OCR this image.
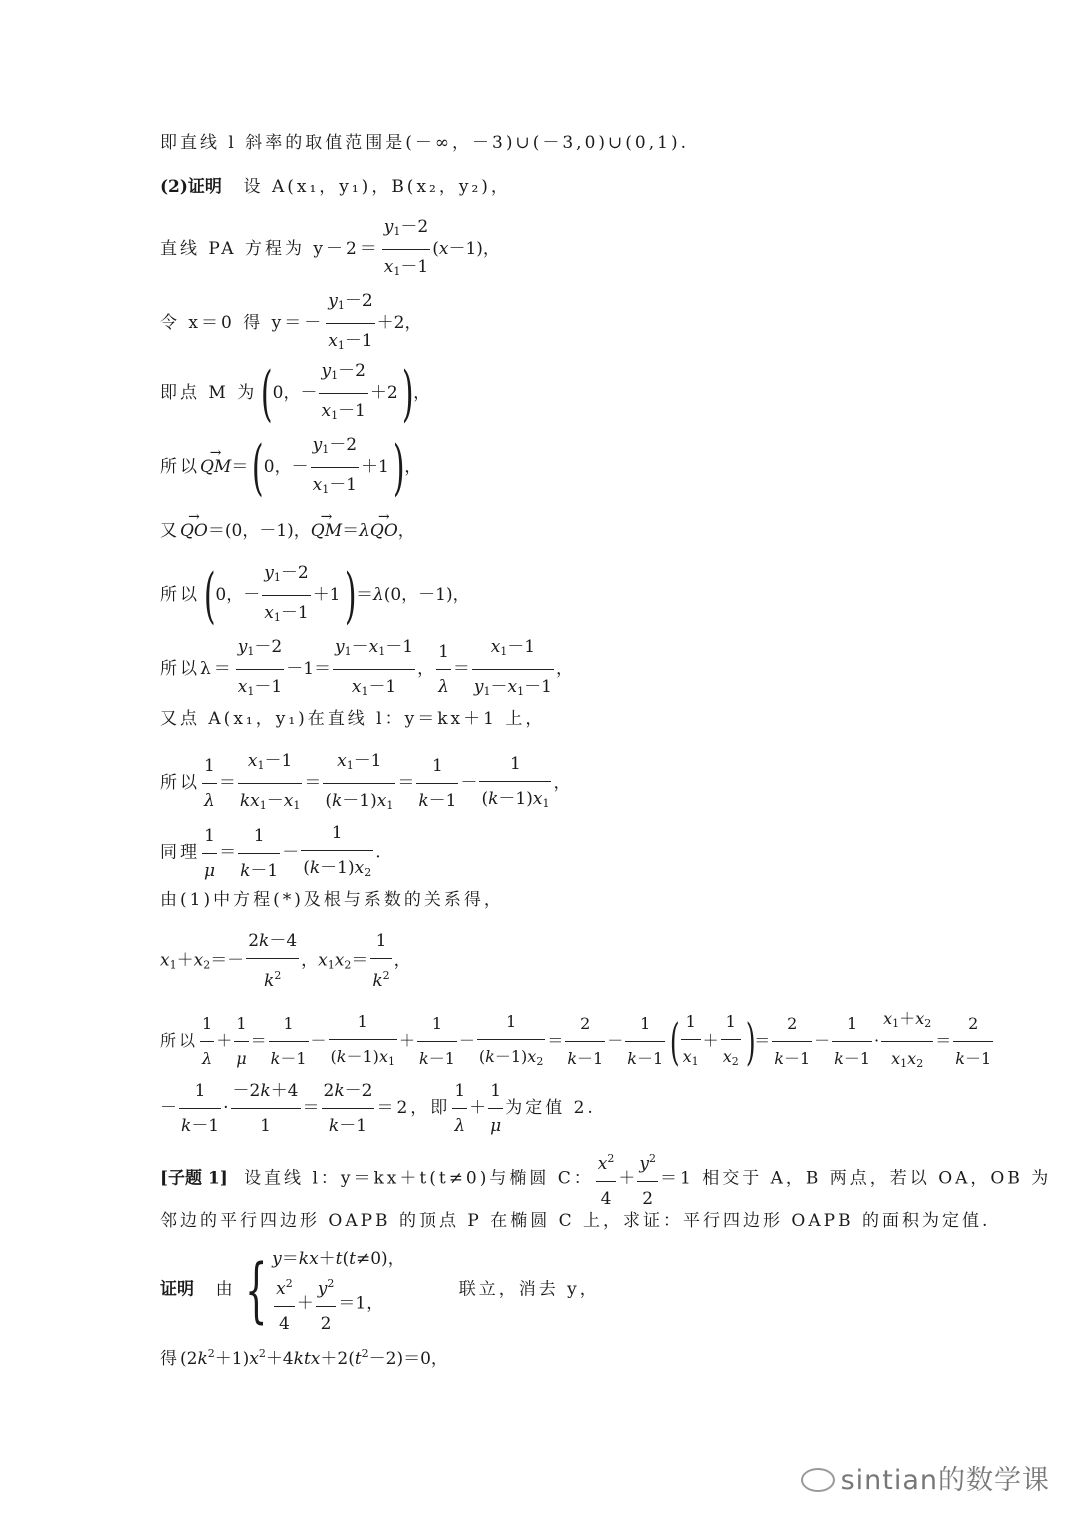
即直线 l 斜率的取值范围是(－∞，－3)∪(－3,0)∪(0,1).
(2)证明 设 A(x₁，y₁)，B(x₂，y₂)，
直线 PA 方程为 $y-2= \frac{y_1-2}{x_1-1} (x-1)$，
令 x＝0 得 $y=- \frac{y_1-2}{x_1-1} +2$，
即点 M 为(0，－ $\frac{y_1-2}{x_1-1} +2$)，
所以→ QM＝(0，－ $\frac{y_1-2}{x_1-1} +1$)，
又→ QO＝(0，－1)，→ QM＝λ→ QO，
所以(0，－ $\frac{y_1-2}{x_1-1} +1)=\lambda(0$，－1)，
所以$\lambda= \frac{y_1-2}{x_1-1} -1= \frac{y_1-x_1-1}{x_1-1}$ ， $\frac{1}{\lambda} = \frac{x_1-1}{y_1-x_1-1}$ ，
又点 A(x₁，y₁)在直线 l：y＝kx＋1 上，
所以 $\frac{1}{\lambda} = \frac{x_1-1}{kx_1-x_1} = \frac{x_1-1}{(k-1)x_1} = \frac{1}{k-1} - \frac{1}{(k-1)x_1}$ ，
同理 $\frac{1}{\mu} = \frac{1}{k-1} - \frac{1}{(k-1)x_2}$ .
由(1)中方程(*)及根与系数的关系得，
$x_1+x_2=- \frac{2k-4}{k^2}$ ，$x_1x_2= \frac{1}{k^2}$ ，
所以 $\frac{1}{\lambda} + \frac{1}{\mu} = \frac{1}{k-1} - \frac{1}{(k-1)x_1} + \frac{1}{k-1} - \frac{1}{(k-1)x_2} = \frac{2}{k-1} - \frac{1}{k-1}$ ( $\frac{1}{x_1} + \frac{1}{x_2}$ )＝ $\frac{2}{k-1} - \frac{1}{k-1} \cdot \frac{x_1+x_2}{x_1x_2} = \frac{2}{k-1}$
－ $\frac{1}{k-1} \cdot \frac{-2k+4}{1} = \frac{2k-2}{k-1} =2$，即 $\frac{1}{\lambda} + \frac{1}{\mu}$ 为定值 2.
[子题 1] 设直线 l：y＝kx＋t(t≠0)与椭圆 C： $\frac{x^2}{4} + \frac{y^2}{2} =1$ 相交于 A，B 两点，若以 OA，OB 为
邻边的平行四边形 OAPB 的顶点 P 在椭圆 C 上，求证：平行四边形 OAPB 的面积为定值.
证明 由 { y＝kx＋t(t≠0)，
$\frac{x^2}{4} + \frac{y^2}{2} =1$，
联立，消去 y，
得$(2k^2+1)x^2+4ktx+2(t^2-2)=0$，
sintian的数学课
